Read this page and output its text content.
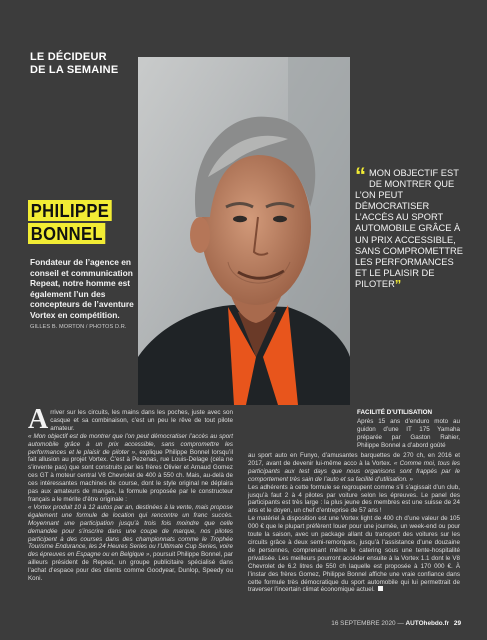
LE DÉCIDEUR
DE LA SEMAINE
PHILIPPE
BONNEL

Fondateur de l’agence en conseil et communication Repeat, notre homme est également l’un des concepteurs de l’aventure Vortex en compétition.

GILLES B. MORTON / PHOTOS D.R.

“ MON OBJECTIF EST DE MONTRER QUE L’ON PEUT DÉMOCRATISER L’ACCÈS AU SPORT AUTOMOBILE GRÂCE À UN PRIX ACCESSIBLE, SANS COMPROMETTRE LES PERFORMANCES ET LE PLAISIR DE PILOTER”

Arriver sur les circuits, les mains dans les poches, juste avec son casque et sa combinaison, c’est un peu le rêve de tout pilote amateur.

« Mon objectif est de montrer que l’on peut démocratiser l’accès au sport automobile grâce à un prix accessible, sans compromettre les performances et le plaisir de piloter », explique Philippe Bonnel lorsqu’il fait allusion au projet Vortex. C’est à Pezenas, rue Louis-Delage (cela ne s’invente pas) que sont construits par les frères Olivier et Arnaud Gomez ces GT à moteur central V8 Chevrolet de 400 à 550 ch. Mais, au-delà de ces intéressantes machines de course, dont le style original ne déplaira pas aux amateurs de mangas, la formule proposée par le constructeur français a le mérite d’être originale :

« Vortex produit 10 à 12 autos par an, destinées à la vente, mais propose également une formule de location qui rencontre un franc succès. Moyennant une participation jusqu’à trois fois moindre que celle demandée pour s’inscrire dans une coupe de marque, nos pilotes participent à des courses dans des championnats comme le Trophée Tourisme Endurance, les 24 Heures Series ou l’Ultimate Cup Series, voire des épreuves en Espagne ou en Belgique », poursuit Philippe Bonnel, par ailleurs président de Repeat, un groupe publicitaire spécialisé dans l’achat d’espace pour des clients comme Goodyear, Dunlop, Speedy ou Koni.

FACILITÉ D’UTILISATION

Après 15 ans d’enduro moto au guidon d’une IT 175 Yamaha préparée par Gaston Rahier, Philippe Bonnel a d’abord goûté

au sport auto en Funyo, d’amusantes barquettes de 270 ch, en 2016 et 2017, avant de devenir lui-même acco à la Vortex. « Comme moi, tous les participants aux test days que nous organisons sont frappés par le comportement très sain de l’auto et sa facilité d’utilisation. »

Les adhérents à cette formule se regroupent comme s’il s’agissait d’un club, jusqu’à faut 2 à 4 pilotes par voiture selon les épreuves. Le panel des participants est très large : la plus jeune des membres est une suisse de 24 ans et le doyen, un chef d’entreprise de 57 ans !

Le matériel à disposition est une Vortex light de 400 ch d’une valeur de 105 000 € que le plupart préfèrent louer pour une journée, un week-end ou pour toute la saison, avec un package allant du transport des voitures sur les circuits grâce à deux semi-remorques, jusqu’à l’assistance d’une douzaine de personnes, comprenant même le catering sous une tente-hospitalité privatisée. Les meilleurs pourront accéder ensuite à la Vortex 1.1 dont le V8 Chevrolet de 6.2 litres de 550 ch laquelle est proposée à 170 000 €. À l’instar des frères Gomez, Philippe Bonnel affiche une vraie confiance dans cette formule très démocratique du sport automobile qui lui permettrait de traverser l’incertain climat économique actuel.

16 SEPTEMBRE 2020 — AUTOhebdo.fr 29
